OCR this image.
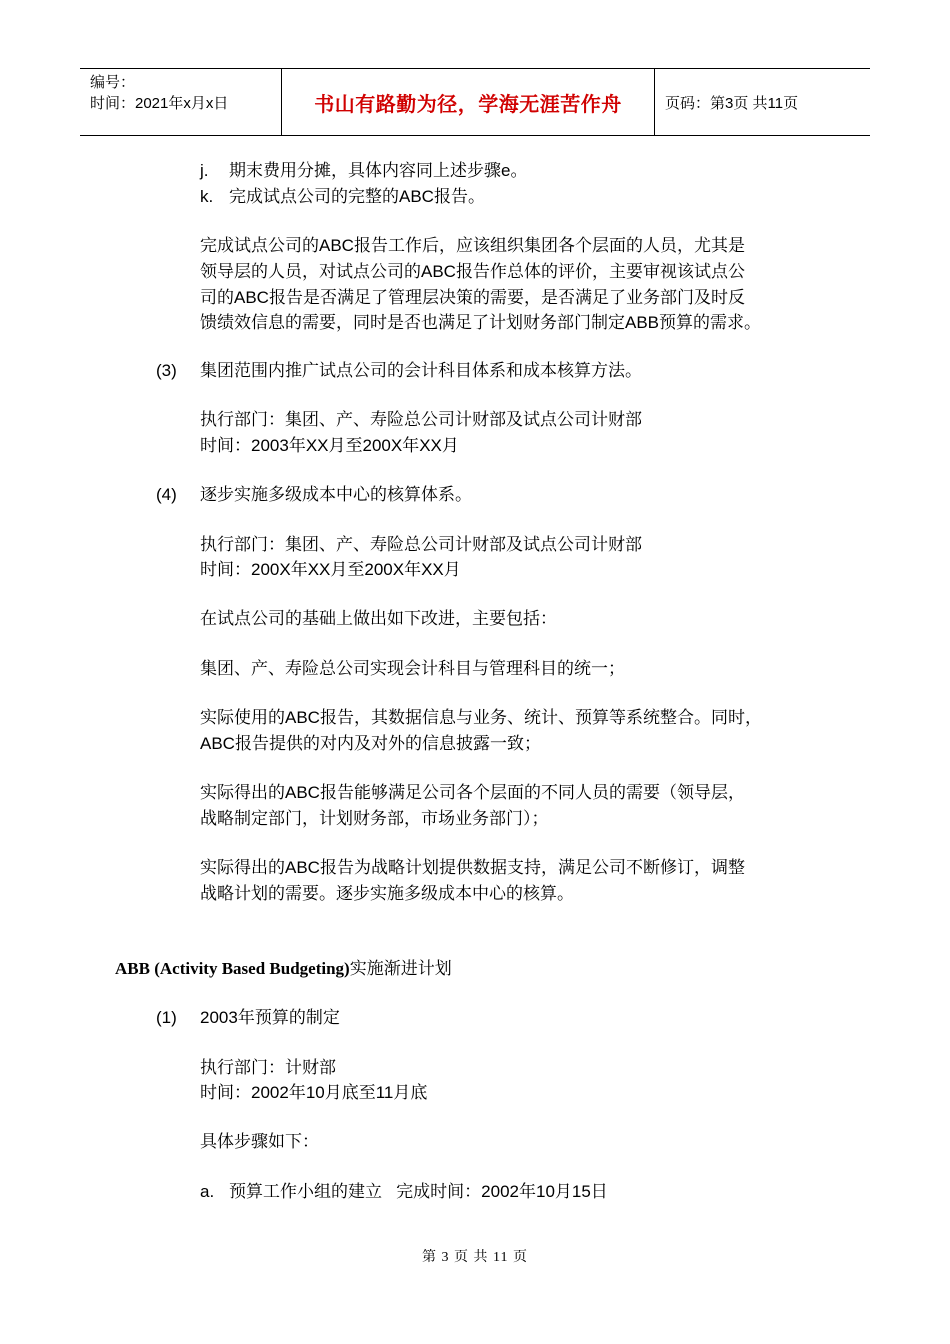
编号：
时间：2021年x月x日	书山有路勤为径，学海无涯苦作舟	页码：第3页 共11页
j. 期末费用分摊，具体内容同上述步骤e。
k. 完成试点公司的完整的ABC报告。
完成试点公司的ABC报告工作后，应该组织集团各个层面的人员，尤其是
领导层的人员，对试点公司的ABC报告作总体的评价，主要审视该试点公
司的ABC报告是否满足了管理层决策的需要，是否满足了业务部门及时反
馈绩效信息的需要，同时是否也满足了计划财务部门制定ABB预算的需求。
(3) 集团范围内推广试点公司的会计科目体系和成本核算方法。
执行部门：集团、产、寿险总公司计财部及试点公司计财部
时间：2003年XX月至200X年XX月
(4) 逐步实施多级成本中心的核算体系。
执行部门：集团、产、寿险总公司计财部及试点公司计财部
时间：200X年XX月至200X年XX月
在试点公司的基础上做出如下改进，主要包括：
集团、产、寿险总公司实现会计科目与管理科目的统一；
实际使用的ABC报告，其数据信息与业务、统计、预算等系统整合。同时，
ABC报告提供的对内及对外的信息披露一致；
实际得出的ABC报告能够满足公司各个层面的不同人员的需要（领导层，
战略制定部门，计划财务部，市场业务部门）；
实际得出的ABC报告为战略计划提供数据支持，满足公司不断修订，调整
战略计划的需要。逐步实施多级成本中心的核算。
ABB (Activity Based Budgeting)实施渐进计划
(1) 2003年预算的制定
执行部门：计财部
时间：2002年10月底至11月底
具体步骤如下：
a. 预算工作小组的建立   完成时间：2002年10月15日
第 3 页 共 11 页
